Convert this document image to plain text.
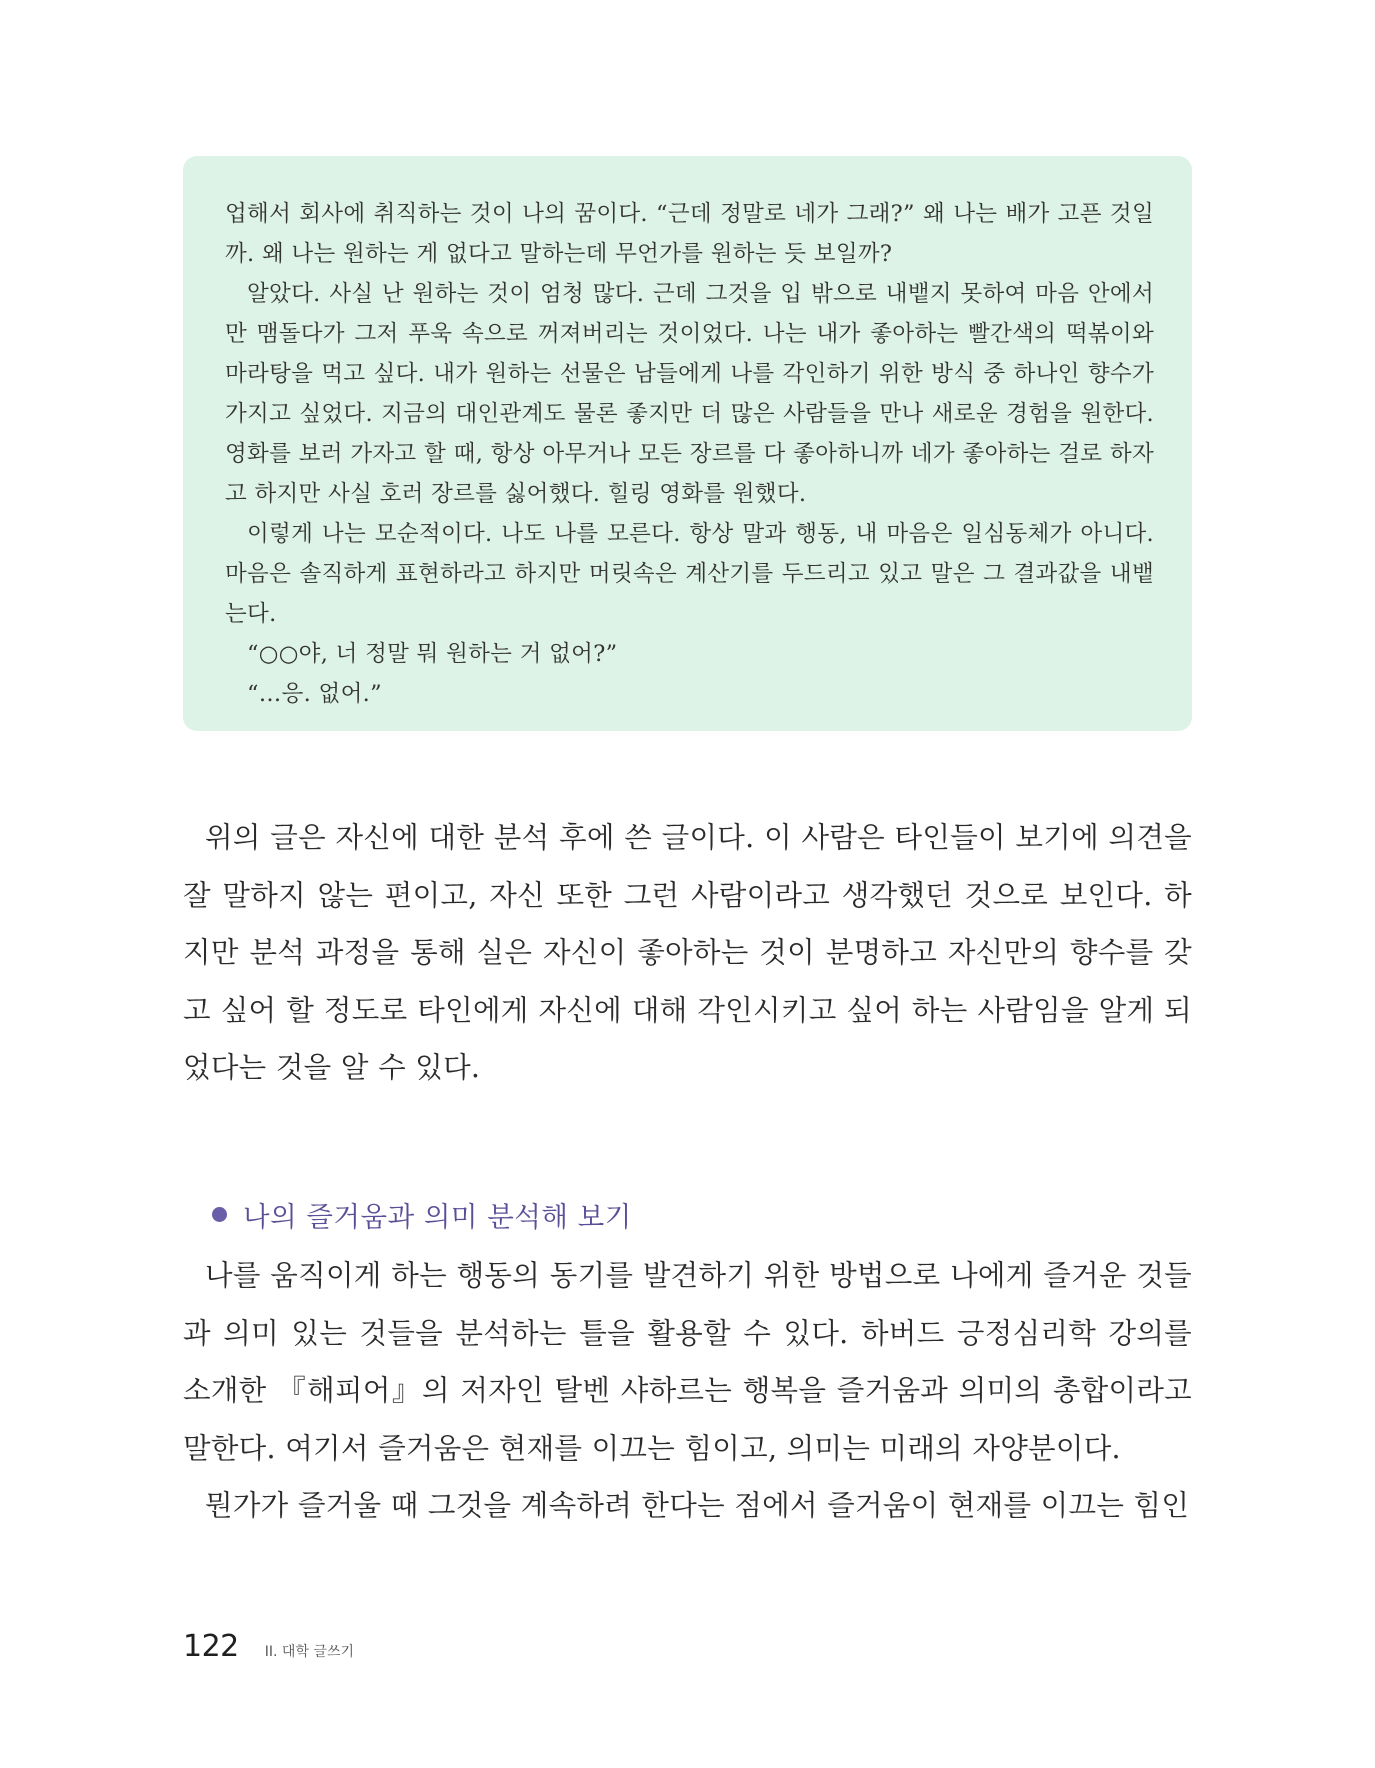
업해서 회사에 취직하는 것이 나의 꿈이다. “근데 정말로 네가 그래?” 왜 나는 배가 고픈 것일까. 왜 나는 원하는 게 없다고 말하는데 무언가를 원하는 듯 보일까?

알았다. 사실 난 원하는 것이 엄청 많다. 근데 그것을 입 밖으로 내뱉지 못하여 마음 안에서만 맴돌다가 그저 푸욱 속으로 꺼져버리는 것이었다. 나는 내가 좋아하는 빨간색의 떡볶이와 마라탕을 먹고 싶다. 내가 원하는 선물은 남들에게 나를 각인하기 위한 방식 중 하나인 향수가 가지고 싶었다. 지금의 대인관계도 물론 좋지만 더 많은 사람들을 만나 새로운 경험을 원한다. 영화를 보러 가자고 할 때, 항상 아무거나 모든 장르를 다 좋아하니까 네가 좋아하는 걸로 하자고 하지만 사실 호러 장르를 싫어했다. 힐링 영화를 원했다.

이렇게 나는 모순적이다. 나도 나를 모른다. 항상 말과 행동, 내 마음은 일심동체가 아니다. 마음은 솔직하게 표현하라고 하지만 머릿속은 계산기를 두드리고 있고 말은 그 결과값을 내뱉는다.

“○○야, 너 정말 뭐 원하는 거 없어?”

“…응. 없어.”

위의 글은 자신에 대한 분석 후에 쓴 글이다. 이 사람은 타인들이 보기에 의견을 잘 말하지 않는 편이고, 자신 또한 그런 사람이라고 생각했던 것으로 보인다. 하지만 분석 과정을 통해 실은 자신이 좋아하는 것이 분명하고 자신만의 향수를 갖고 싶어 할 정도로 타인에게 자신에 대해 각인시키고 싶어 하는 사람임을 알게 되었다는 것을 알 수 있다.

나의 즐거움과 의미 분석해 보기

나를 움직이게 하는 행동의 동기를 발견하기 위한 방법으로 나에게 즐거운 것들과 의미 있는 것들을 분석하는 틀을 활용할 수 있다. 하버드 긍정심리학 강의를 소개한 『해피어』의 저자인 탈벤 샤하르는 행복을 즐거움과 의미의 총합이라고 말한다. 여기서 즐거움은 현재를 이끄는 힘이고, 의미는 미래의 자양분이다.

뭔가가 즐거울 때 그것을 계속하려 한다는 점에서 즐거움이 현재를 이끄는 힘인

122 II. 대학 글쓰기
